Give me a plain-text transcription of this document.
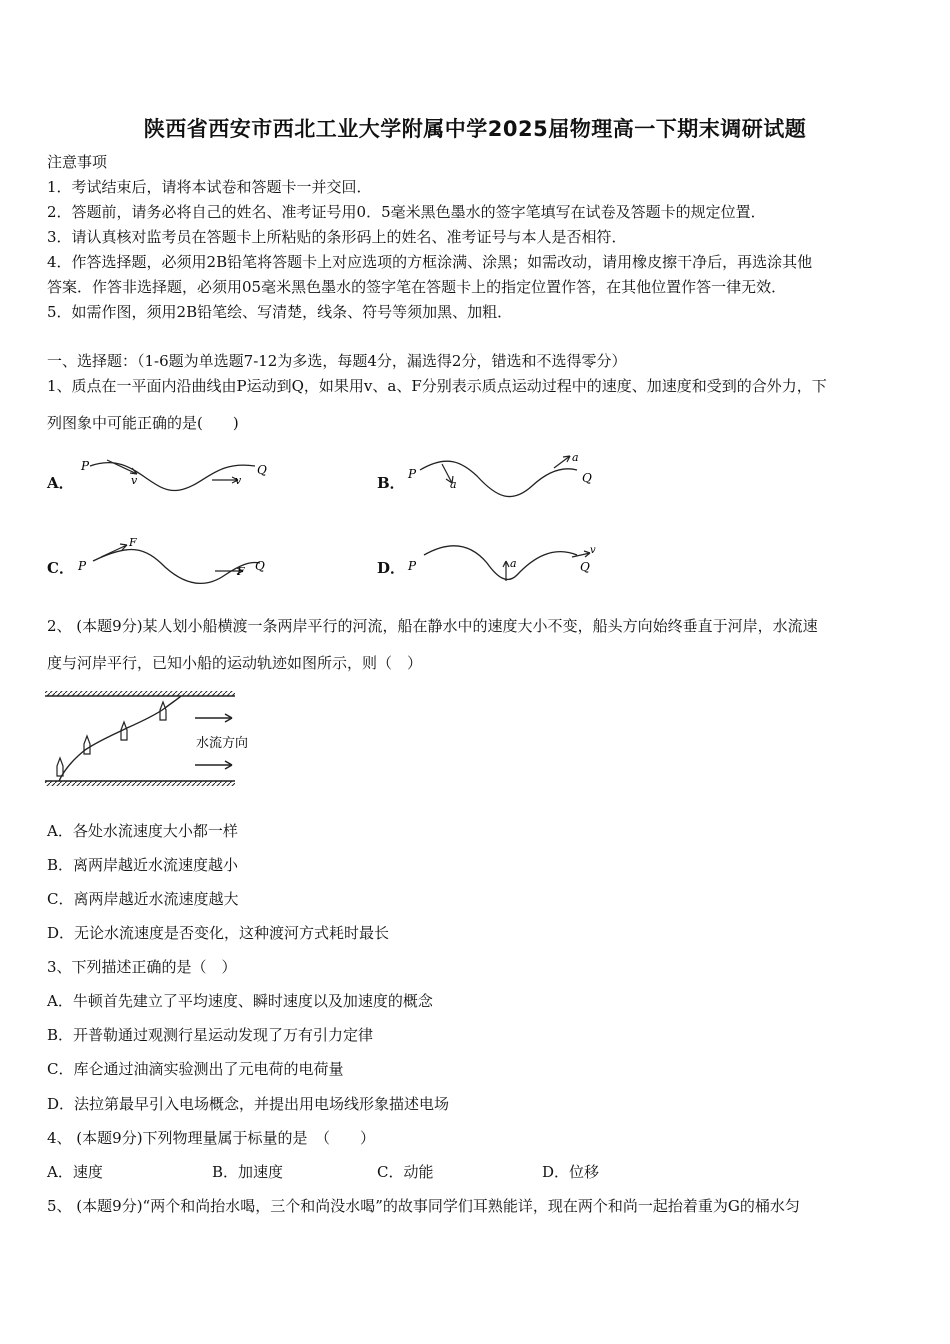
陕西省西安市西北工业大学附属中学2025届物理高一下期末调研试题
注意事项
1．考试结束后，请将本试卷和答题卡一并交回．
2．答题前，请务必将自己的姓名、准考证号用0．5毫米黑色墨水的签字笔填写在试卷及答题卡的规定位置．
3．请认真核对监考员在答题卡上所粘贴的条形码上的姓名、准考证号与本人是否相符．
4．作答选择题，必须用2B铅笔将答题卡上对应选项的方框涂满、涂黑；如需改动，请用橡皮擦干净后，再选涂其他
答案．作答非选择题，必须用05毫米黑色墨水的签字笔在答题卡上的指定位置作答，在其他位置作答一律无效．
5．如需作图，须用2B铅笔绘、写清楚，线条、符号等须加黑、加粗．
一、选择题：（1-6题为单选题7-12为多选，每题4分，漏选得2分，错选和不选得零分）
1、质点在一平面内沿曲线由P运动到Q，如果用v、a、F分别表示质点运动过程中的速度、加速度和受到的合外力，下
列图象中可能正确的是(　　)
A．
P
v	v
Q
B． P
a
a
Q
C． P
F
F Q	D． P	a
v
Q
2、 (本题9分)某人划小船横渡一条两岸平行的河流，船在静水中的速度大小不变，船头方向始终垂直于河岸，水流速
度与河岸平行，已知小船的运动轨迹如图所示，则（　）
水流方向
A．各处水流速度大小都一样
B．离两岸越近水流速度越小
C．离两岸越近水流速度越大
D．无论水流速度是否变化，这种渡河方式耗时最长
3、下列描述正确的是（　）
A．牛顿首先建立了平均速度、瞬时速度以及加速度的概念
B．开普勒通过观测行星运动发现了万有引力定律
C．库仑通过油滴实验测出了元电荷的电荷量
D．法拉第最早引入电场概念，并提出用电场线形象描述电场
4、 (本题9分)下列物理量属于标量的是　（　　）
A．速度	B．加速度	C．动能	D．位移
5、 (本题9分)“两个和尚抬水喝，三个和尚没水喝”的故事同学们耳熟能详，现在两个和尚一起抬着重为G的桶水匀
